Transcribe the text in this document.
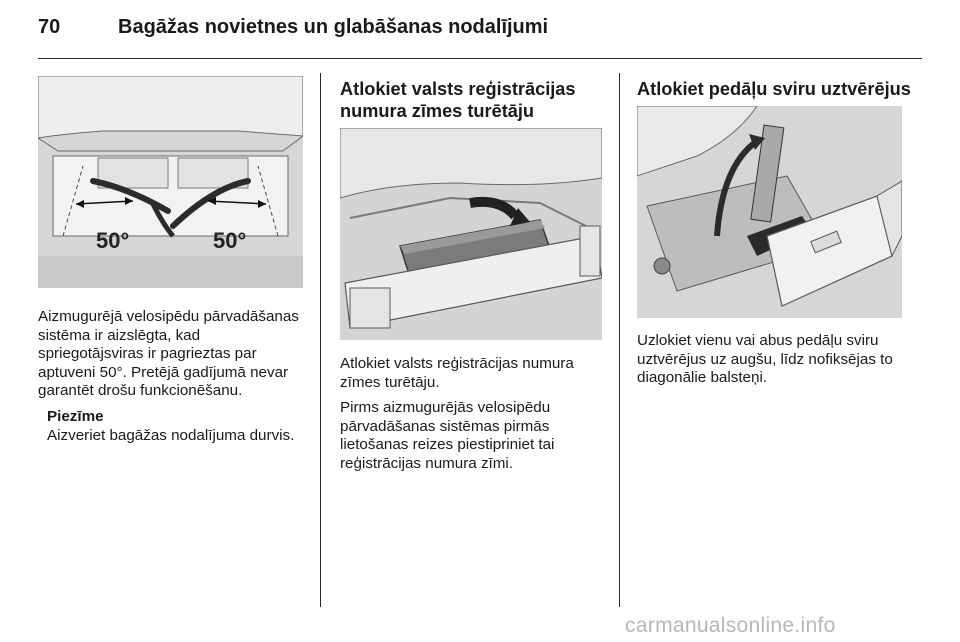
70	Bagāžas novietnes un glabāšanas nodalījumi
50°	50°

Aizmugurējā velosipēdu pārvadāšanas sistēma ir aizslēgta, kad spriegotājsviras ir pagrieztas par aptuveni 50°. Pretējā gadījumā nevar garantēt drošu funkcionēšanu.

Piezīme
Aizveriet bagāžas nodalījuma durvis.
Atlokiet valsts reģistrācijas numura zīmes turētāju

Atlokiet valsts reģistrācijas numura zīmes turētāju.

Pirms aizmugurējās velosipēdu pārvadāšanas sistēmas pirmās lietošanas reizes piestipriniet tai reģistrācijas numura zīmi.

Atlokiet pedāļu sviru uztvērējus

Uzlokiet vienu vai abus pedāļu sviru uztvērējus uz augšu, līdz nofiksējas to diagonālie balsteņi.

carmanualsonline.info
